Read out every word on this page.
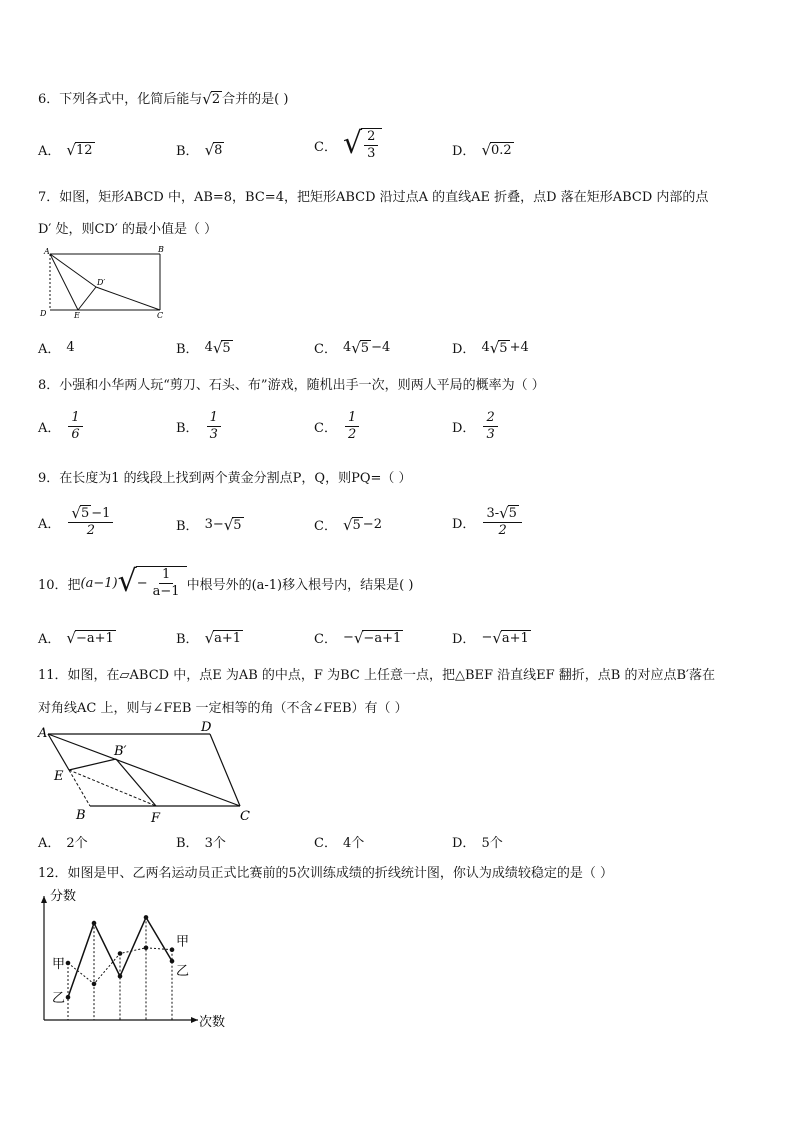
6．下列各式中，化简后能与 √ 2 合并的是( )
A． √ 12	B． √ 8	C． √ $\frac{2}{3}$	D． √ 0.2
7．如图，矩形ABCD 中，AB=8，BC=4，把矩形ABCD 沿过点A 的直线AE 折叠，点D 落在矩形ABCD 内部的点
D′ 处，则CD′ 的最小值是（ ）
A	B
C
D	E
D′
A． 4	B． 4 √ 5	C． 4 √ 5 −4	D． 4 √ 5 +4
8．小强和小华两人玩“剪刀、石头、布”游戏，随机出手一次，则两人平局的概率为（ ）
A． $\frac{1}{6}$	B． $\frac{1}{3}$	C． $\frac{1}{2}$	D． $\frac{2}{3}$
9．在长度为1 的线段上找到两个黄金分割点P，Q，则PQ=（ ）
A． $\frac{√ 5 -1}{2}$	B． 3− √ 5	C． √ 5 −2	D． $\frac{3- √ 5}{2}$
10．把 (a−1) √ − $\frac{1}{a-1}$ 中根号外的(a-1)移入根号内，结果是( )
A． √ −a+1	B． √ a+1	C． − √ −a+1	D． − √ a+1
11．如图，在▱ABCD 中，点E 为AB 的中点，F 为BC 上任意一点，把△BEF 沿直线EF 翻折，点B 的对应点B′落在
对角线AC 上，则与∠FEB 一定相等的角（不含∠FEB）有（ ）
A	D
C
B	F
E
B′
A． 2个	B． 3个	C． 4个	D． 5个
12．如图是甲、乙两名运动员正式比赛前的5次训练成绩的折线统计图，你认为成绩较稳定的是（ ）
分数
次数
甲
甲
乙
乙
